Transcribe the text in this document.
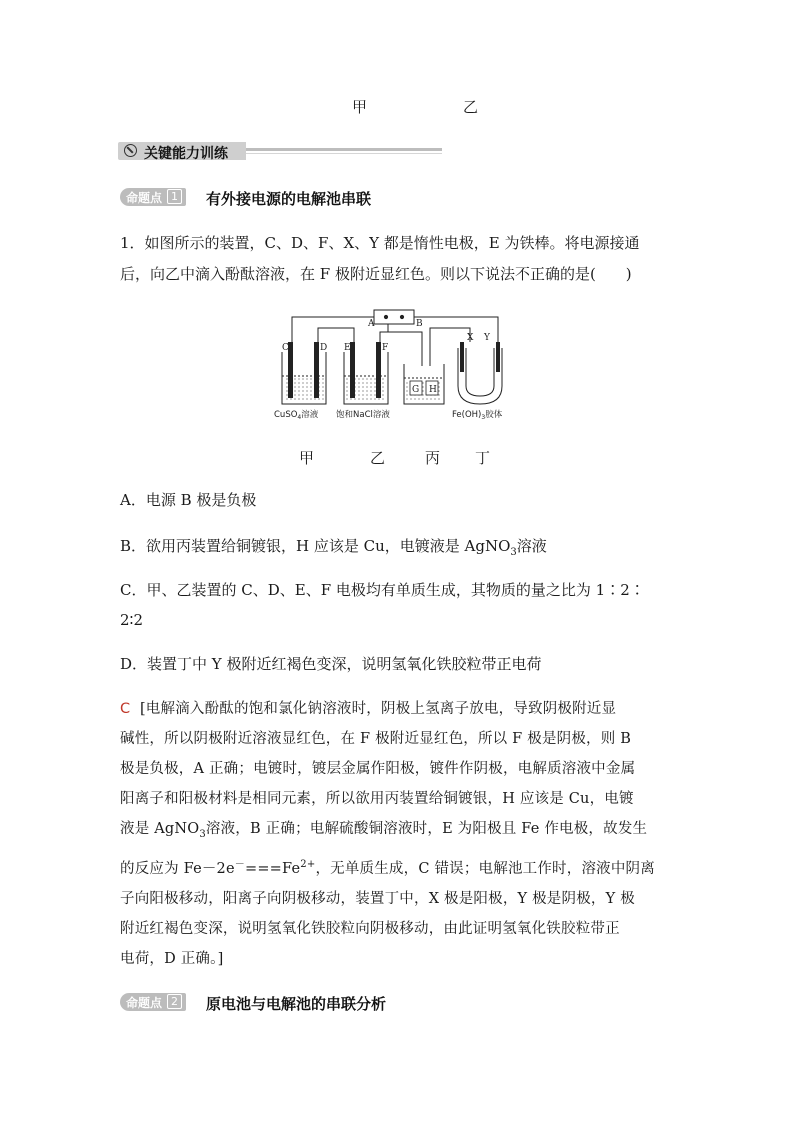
甲	乙
关键能力训练
命题点 1 有外接电源的电解池串联
1．如图所示的装置，C、D、F、X、Y 都是惰性电极，E 为铁棒。将电源接通
后，向乙中滴入酚酞溶液，在 F 极附近显红色。则以下说法不正确的是(　　)
A	B
C	D E	F
G H
X Y
CuSO$_4$溶液 饱和NaCl溶液	$Fe(OH)_3$胶体
甲	乙	丙 丁
A．电源 B 极是负极
B．欲用丙装置给铜镀银，H 应该是 Cu，电镀液是 AgNO$_3$溶液
C．甲、乙装置的 C、D、E、F 电极均有单质生成，其物质的量之比为 1∶2∶
2∶2
D．装置丁中 Y 极附近红褐色变深，说明氢氧化铁胶粒带正电荷
C [电解滴入酚酞的饱和氯化钠溶液时，阴极上氢离子放电，导致阴极附近显
碱性，所以阴极附近溶液显红色，在 F 极附近显红色，所以 F 极是阴极，则 B
极是负极，A 正确；电镀时，镀层金属作阳极，镀件作阴极，电解质溶液中金属
阳离子和阳极材料是相同元素，所以欲用丙装置给铜镀银，H 应该是 Cu，电镀
液是 AgNO$_3$溶液，B 正确；电解硫酸铜溶液时，E 为阳极且 Fe 作电极，故发生
的反应为 $Fe-2e^-===Fe^{2+}$，无单质生成，C 错误；电解池工作时，溶液中阴离
子向阳极移动，阳离子向阴极移动，装置丁中，X 极是阳极，Y 极是阴极，Y 极
附近红褐色变深，说明氢氧化铁胶粒向阴极移动，由此证明氢氧化铁胶粒带正
电荷，D 正确。]
命题点 2 原电池与电解池的串联分析
